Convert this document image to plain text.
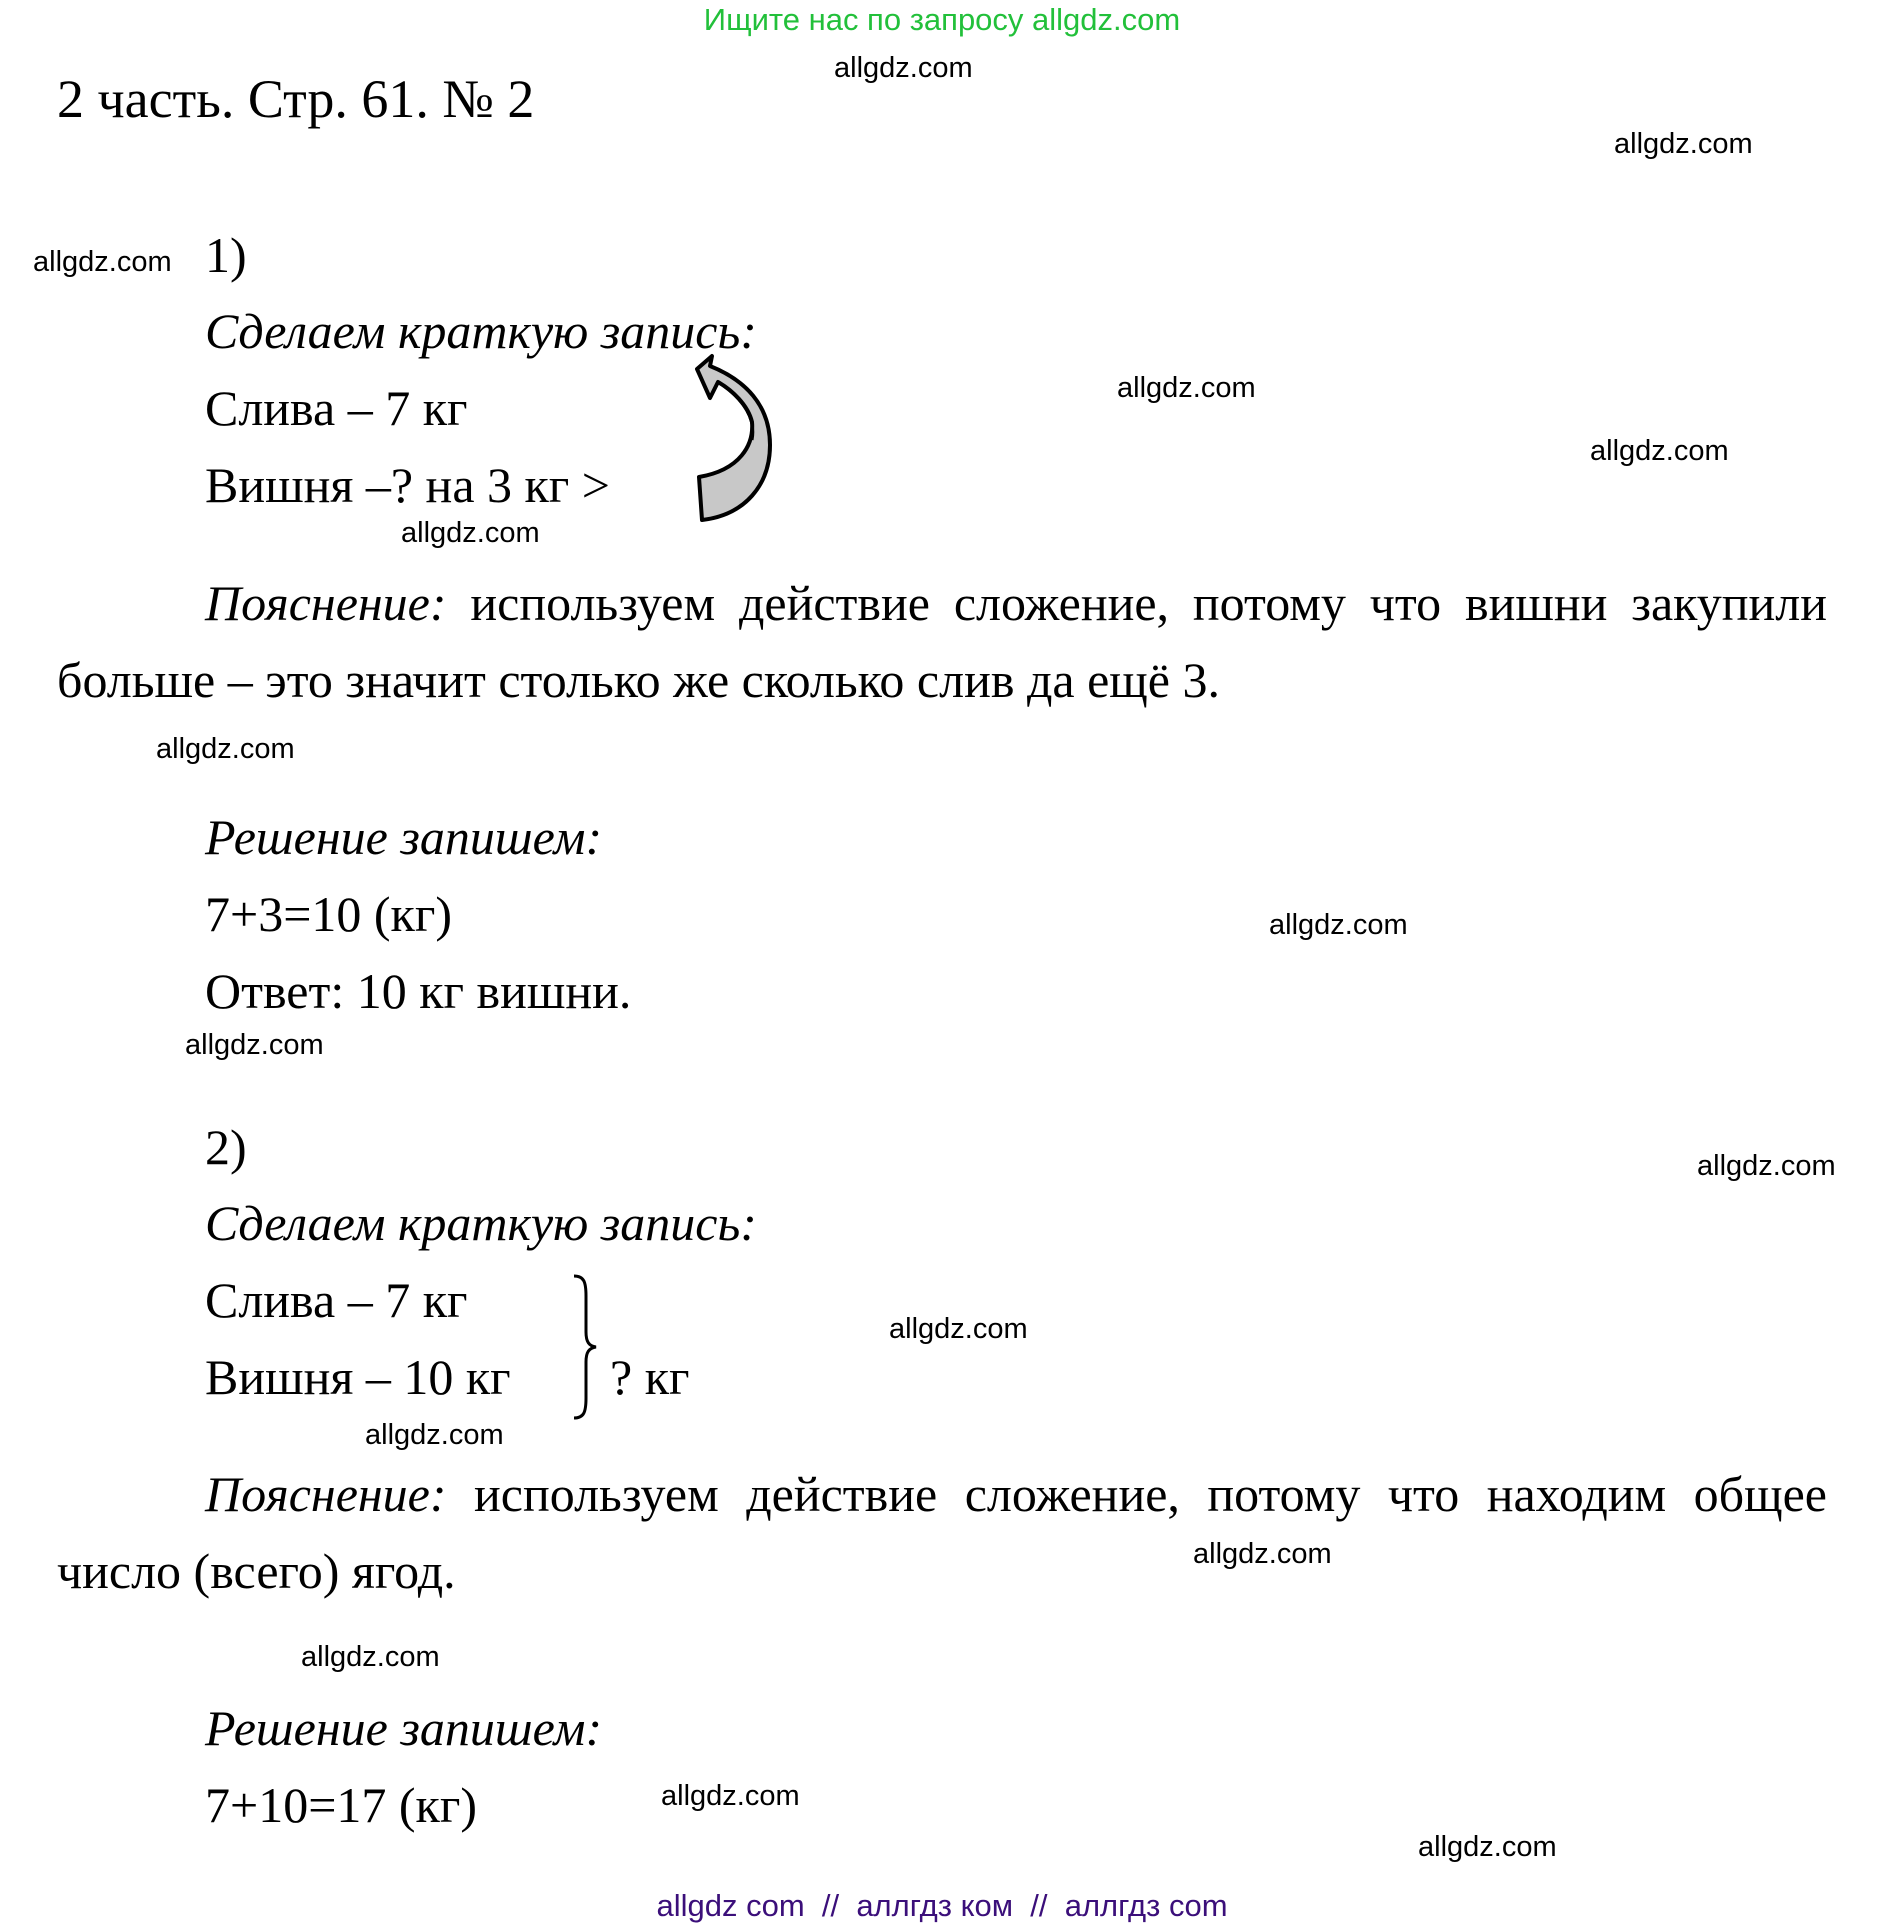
Ищите нас по запросу allgdz.com
allgdz.com
allgdz.com
allgdz.com
allgdz.com
allgdz.com
allgdz.com
allgdz.com
allgdz.com
allgdz.com
allgdz.com
allgdz.com
allgdz.com
allgdz.com
allgdz.com
allgdz.com
allgdz.com
2 часть. Стр. 61. № 2
1)
Сделаем краткую запись:
Слива – 7 кг
Вишня –? на 3 кг >
Пояснение: используем действие сложение, потому что вишни закупили больше – это значит столько же сколько слив да ещё 3.
Решение запишем:
7+3=10 (кг)
Ответ: 10 кг вишни.
2)
Сделаем краткую запись:
Слива – 7 кг
Вишня – 10 кг ? кг
Пояснение: используем действие сложение, потому что находим общее число (всего) ягод.
Решение запишем:
7+10=17 (кг)
allgdz com  //  аллгдз ком  //  аллгдз com
